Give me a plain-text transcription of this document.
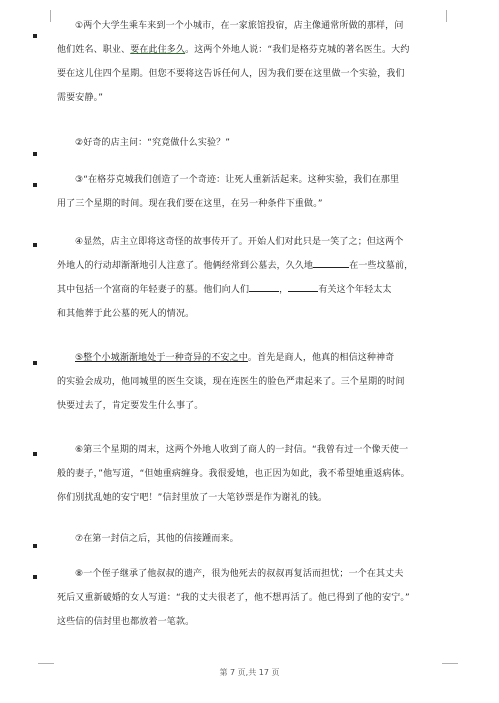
①两个大学生乘车来到一个小城市，在一家旅馆投宿，店主像通常所做的那样，问
他们姓名、职业、要在此住多久。这两个外地人说：“我们是格芬克城的著名医生。大约
要在这儿住四个星期。但您不要将这告诉任何人，因为我们要在这里做一个实验，我们
需要安静。”
②好奇的店主问：“究竟做什么实验？”
③“在格芬克城我们创造了一个奇迹：让死人重新活起来。这种实验，我们在那里
用了三个星期的时间。现在我们要在这里，在另一种条件下重做。”
④显然，店主立即将这奇怪的故事传开了。开始人们对此只是一笑了之；但这两个
外地人的行动却渐渐地引人注意了。他俩经常到公墓去，久久地	在一些坟墓前，
其中包括一个富商的年轻妻子的墓。他们向人们	，	有关这个年轻太太
和其他葬于此公墓的死人的情况。
⑤整个小城渐渐地处于一种奇异的不安之中。首先是商人，他真的相信这种神奇
的实验会成功，他同城里的医生交谈，现在连医生的脸色严肃起来了。三个星期的时间
快要过去了，肯定要发生什么事了。
⑥第三个星期的周末，这两个外地人收到了商人的一封信。“我曾有过一个像天使一
般的妻子，”他写道，“但她重病缠身。我很爱她，也正因为如此，我不希望她重返病体。
你们别扰乱她的安宁吧！”信封里放了一大笔钞票是作为谢礼的钱。
⑦在第一封信之后，其他的信接踵而来。
⑧一个侄子继承了他叔叔的遗产，很为他死去的叔叔再复活而担忧；一个在其丈夫
死后又重新破婚的女人写道：“我的丈夫很老了，他不想再活了。他已得到了他的安宁。”
这些信的信封里也都放着一笔款。
第 7 页,共 17 页
